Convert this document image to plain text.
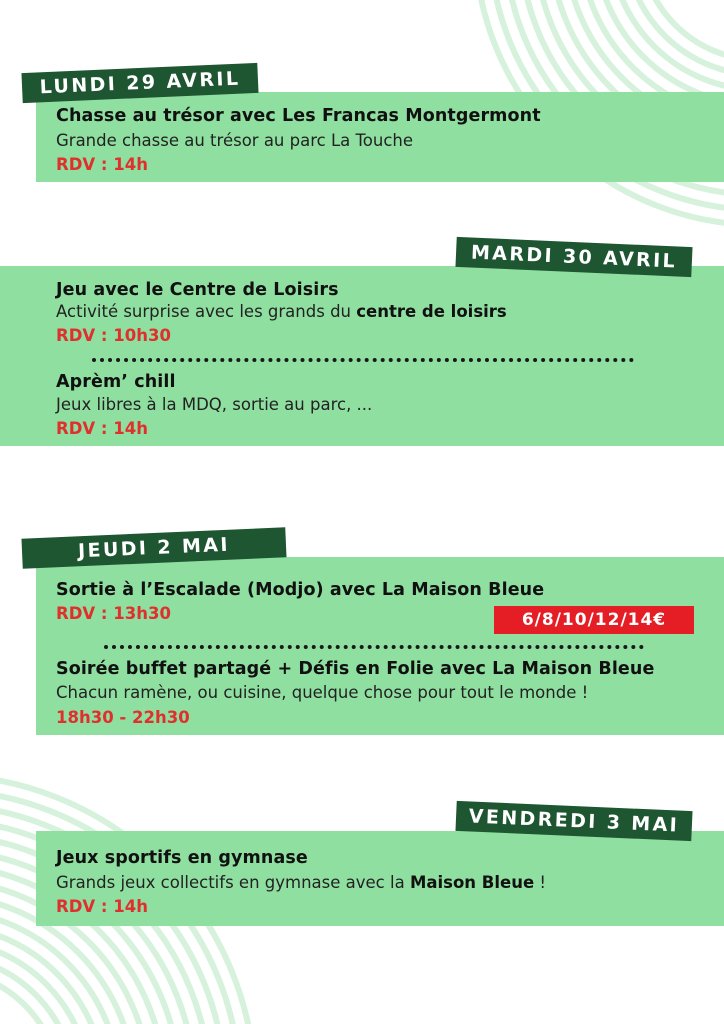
LUNDI 29 AVRIL
Chasse au trésor avec Les Francas Montgermont
Grande chasse au trésor au parc La Touche
RDV : 14h
MARDI 30 AVRIL
Jeu avec le Centre de Loisirs
Activité surprise avec les grands du centre de loisirs
RDV : 10h30
Aprèm’ chill
Jeux libres à la MDQ, sortie au parc, ...
RDV : 14h
JEUDI 2 MAI
Sortie à l’Escalade (Modjo) avec La Maison Bleue
RDV : 13h30	6/8/10/12/14€
Soirée buffet partagé + Défis en Folie avec La Maison Bleue
Chacun ramène, ou cuisine, quelque chose pour tout le monde !
18h30 - 22h30
VENDREDI 3 MAI
Jeux sportifs en gymnase
Grands jeux collectifs en gymnase avec la Maison Bleue !
RDV : 14h
